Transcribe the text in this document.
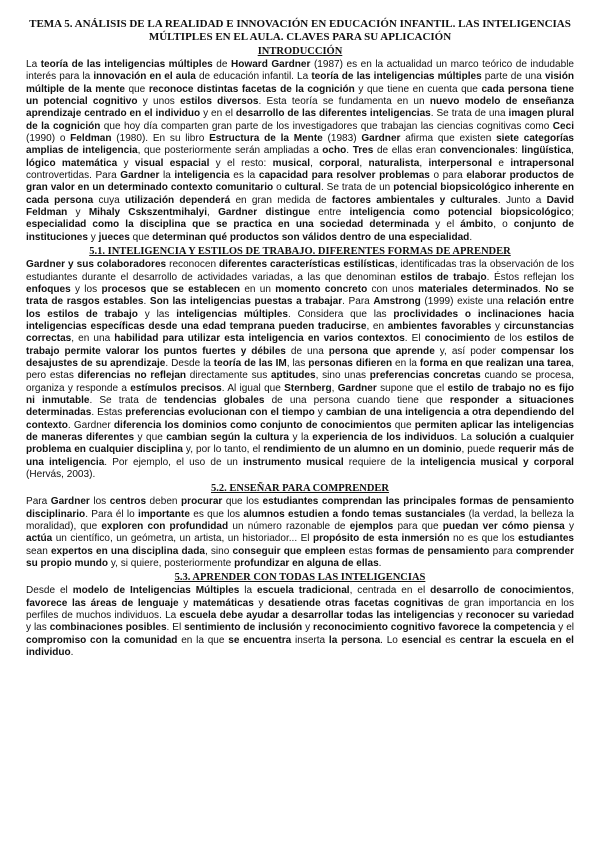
TEMA 5. ANÁLISIS DE LA REALIDAD E INNOVACIÓN EN EDUCACIÓN INFANTIL. LAS INTELIGENCIAS
MÚLTIPLES EN EL AULA. CLAVES PARA SU APLICACIÓN
INTRODUCCIÓN

La teoría de las inteligencias múltiples de Howard Gardner (1987) es en la actualidad un marco teórico de indudable interés para la innovación en el aula de educación infantil. La teoría de las inteligencias múltiples parte de una visión múltiple de la mente que reconoce distintas facetas de la cognición y que tiene en cuenta que cada persona tiene un potencial cognitivo y unos estilos diversos. Esta teoría se fundamenta en un nuevo modelo de enseñanza aprendizaje centrado en el individuo y en el desarrollo de las diferentes inteligencias. Se trata de una imagen plural de la cognición que hoy día comparten gran parte de los investigadores que trabajan las ciencias cognitivas como Ceci (1990) o Feldman (1980). En su libro Estructura de la Mente (1983) Gardner afirma que existen siete categorías amplias de inteligencia, que posteriormente serán ampliadas a ocho. Tres de ellas eran convencionales: lingüística, lógico matemática y visual espacial y el resto: musical, corporal, naturalista, interpersonal e intrapersonal controvertidas. Para Gardner la inteligencia es la capacidad para resolver problemas o para elaborar productos de gran valor en un determinado contexto comunitario o cultural. Se trata de un potencial biopsicológico inherente en cada persona cuya utilización dependerá en gran medida de factores ambientales y culturales. Junto a David Feldman y Mihaly Cskszentmihalyi, Gardner distingue entre inteligencia como potencial biopsicológico; especialidad como la disciplina que se practica en una sociedad determinada y el ámbito, o conjunto de instituciones y jueces que determinan qué productos son válidos dentro de una especialidad.

5.1. INTELIGENCIA Y ESTILOS DE TRABAJO. DIFERENTES FORMAS DE APRENDER

Gardner y sus colaboradores reconocen diferentes características estilísticas, identificadas tras la observación de los estudiantes durante el desarrollo de actividades variadas, a las que denominan estilos de trabajo. Éstos reflejan los enfoques y los procesos que se establecen en un momento concreto con unos materiales determinados. No se trata de rasgos estables. Son las inteligencias puestas a trabajar. Para Amstrong (1999) existe una relación entre los estilos de trabajo y las inteligencias múltiples. Considera que las proclividades o inclinaciones hacia inteligencias específicas desde una edad temprana pueden traducirse, en ambientes favorables y circunstancias correctas, en una habilidad para utilizar esta inteligencia en varios contextos. El conocimiento de los estilos de trabajo permite valorar los puntos fuertes y débiles de una persona que aprende y, así poder compensar los desajustes de su aprendizaje. Desde la teoría de las IM, las personas difieren en la forma en que realizan una tarea, pero estas diferencias no reflejan directamente sus aptitudes, sino unas preferencias concretas cuando se procesa, organiza y responde a estímulos precisos. Al igual que Sternberg, Gardner supone que el estilo de trabajo no es fijo ni inmutable. Se trata de tendencias globales de una persona cuando tiene que responder a situaciones determinadas. Estas preferencias evolucionan con el tiempo y cambian de una inteligencia a otra dependiendo del contexto. Gardner diferencia los dominios como conjunto de conocimientos que permiten aplicar las inteligencias de maneras diferentes y que cambian según la cultura y la experiencia de los individuos. La solución a cualquier problema en cualquier disciplina y, por lo tanto, el rendimiento de un alumno en un dominio, puede requerir más de una inteligencia. Por ejemplo, el uso de un instrumento musical requiere de la inteligencia musical y corporal (Hervás, 2003).

5.2. ENSEÑAR PARA COMPRENDER

Para Gardner los centros deben procurar que los estudiantes comprendan las principales formas de pensamiento disciplinario. Para él lo importante es que los alumnos estudien a fondo temas sustanciales (la verdad, la belleza la moralidad), que exploren con profundidad un número razonable de ejemplos para que puedan ver cómo piensa y actúa un científico, un geómetra, un artista, un historiador... El propósito de esta inmersión no es que los estudiantes sean expertos en una disciplina dada, sino conseguir que empleen estas formas de pensamiento para comprender su propio mundo y, si quiere, posteriormente profundizar en alguna de ellas.

5.3. APRENDER CON TODAS LAS INTELIGENCIAS

Desde el modelo de Inteligencias Múltiples la escuela tradicional, centrada en el desarrollo de conocimientos, favorece las áreas de lenguaje y matemáticas y desatiende otras facetas cognitivas de gran importancia en los perfiles de muchos individuos. La escuela debe ayudar a desarrollar todas las inteligencias y reconocer su variedad y las combinaciones posibles. El sentimiento de inclusión y reconocimiento cognitivo favorece la competencia y el compromiso con la comunidad en la que se encuentra inserta la persona. Lo esencial es centrar la escuela en el individuo.
